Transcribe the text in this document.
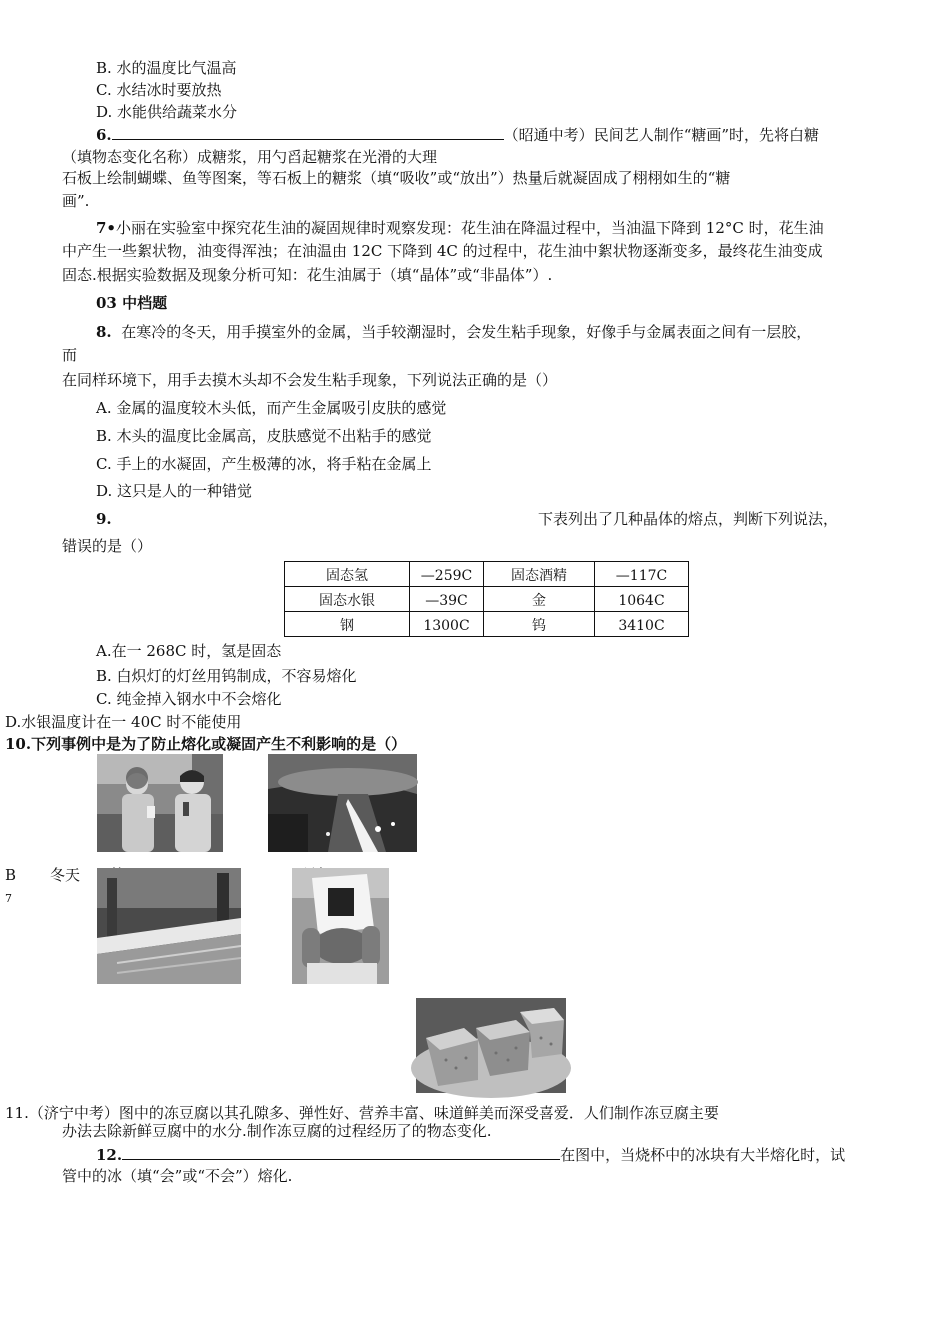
B. 水的温度比气温高
C. 水结冰时要放热
D. 水能供给蔬菜水分
6.	（昭通中考）民间艺人制作“糖画”时，先将白糖
（填物态变化名称）成糖浆，用勺舀起糖浆在光滑的大理
石板上绘制蝴蝶、鱼等图案，等石板上的糖浆（填“吸收”或“放出”）热量后就凝固成了栩栩如生的“糖
画”.
7•小丽在实验室中探究花生油的凝固规律时观察发现：花生油在降温过程中，当油温下降到 12°C 时，花生油
中产生一些絮状物，油变得浑浊；在油温由 12C 下降到 4C 的过程中，花生油中絮状物逐渐变多，最终花生油变成
固态.根据实验数据及现象分析可知：花生油属于（填“晶体”或“非晶体”）.
03 中档题
8. 在寒冷的冬天，用手摸室外的金属，当手较潮湿时，会发生粘手现象，好像手与金属表面之间有一层胶，
而
在同样环境下，用手去摸木头却不会发生粘手现象，下列说法正确的是（）
A. 金属的温度较木头低，而产生金属吸引皮肤的感觉
B. 木头的温度比金属高，皮肤感觉不出粘手的感觉
C. 手上的水凝固，产生极薄的冰，将手粘在金属上
D. 这只是人的一种错觉
9.	下表列出了几种晶体的熔点，判断下列说法，
错误的是（）
固态氢	—259C	固态酒精	—117C
固态水银	—39C	金	1064C
钢	1300C	钨	3410C
A.在一 268C 时，氢是固态
B. 白炽灯的灯丝用钨制成，不容易熔化
C. 纯金掉入钢水中不会熔化
D.水银温度计在一 40C 时不能使用
10.下列事例中是为了防止熔化或凝固产生不利影响的是（）
B 冬天
7
11.（济宁中考）图中的冻豆腐以其孔隙多、弹性好、营养丰富、味道鲜美而深受喜爱．人们制作冻豆腐主要
办法去除新鲜豆腐中的水分.制作冻豆腐的过程经历了的物态变化.
12.	在图中，当烧杯中的冰块有大半熔化时，试
管中的冰（填“会”或“不会”）熔化.
